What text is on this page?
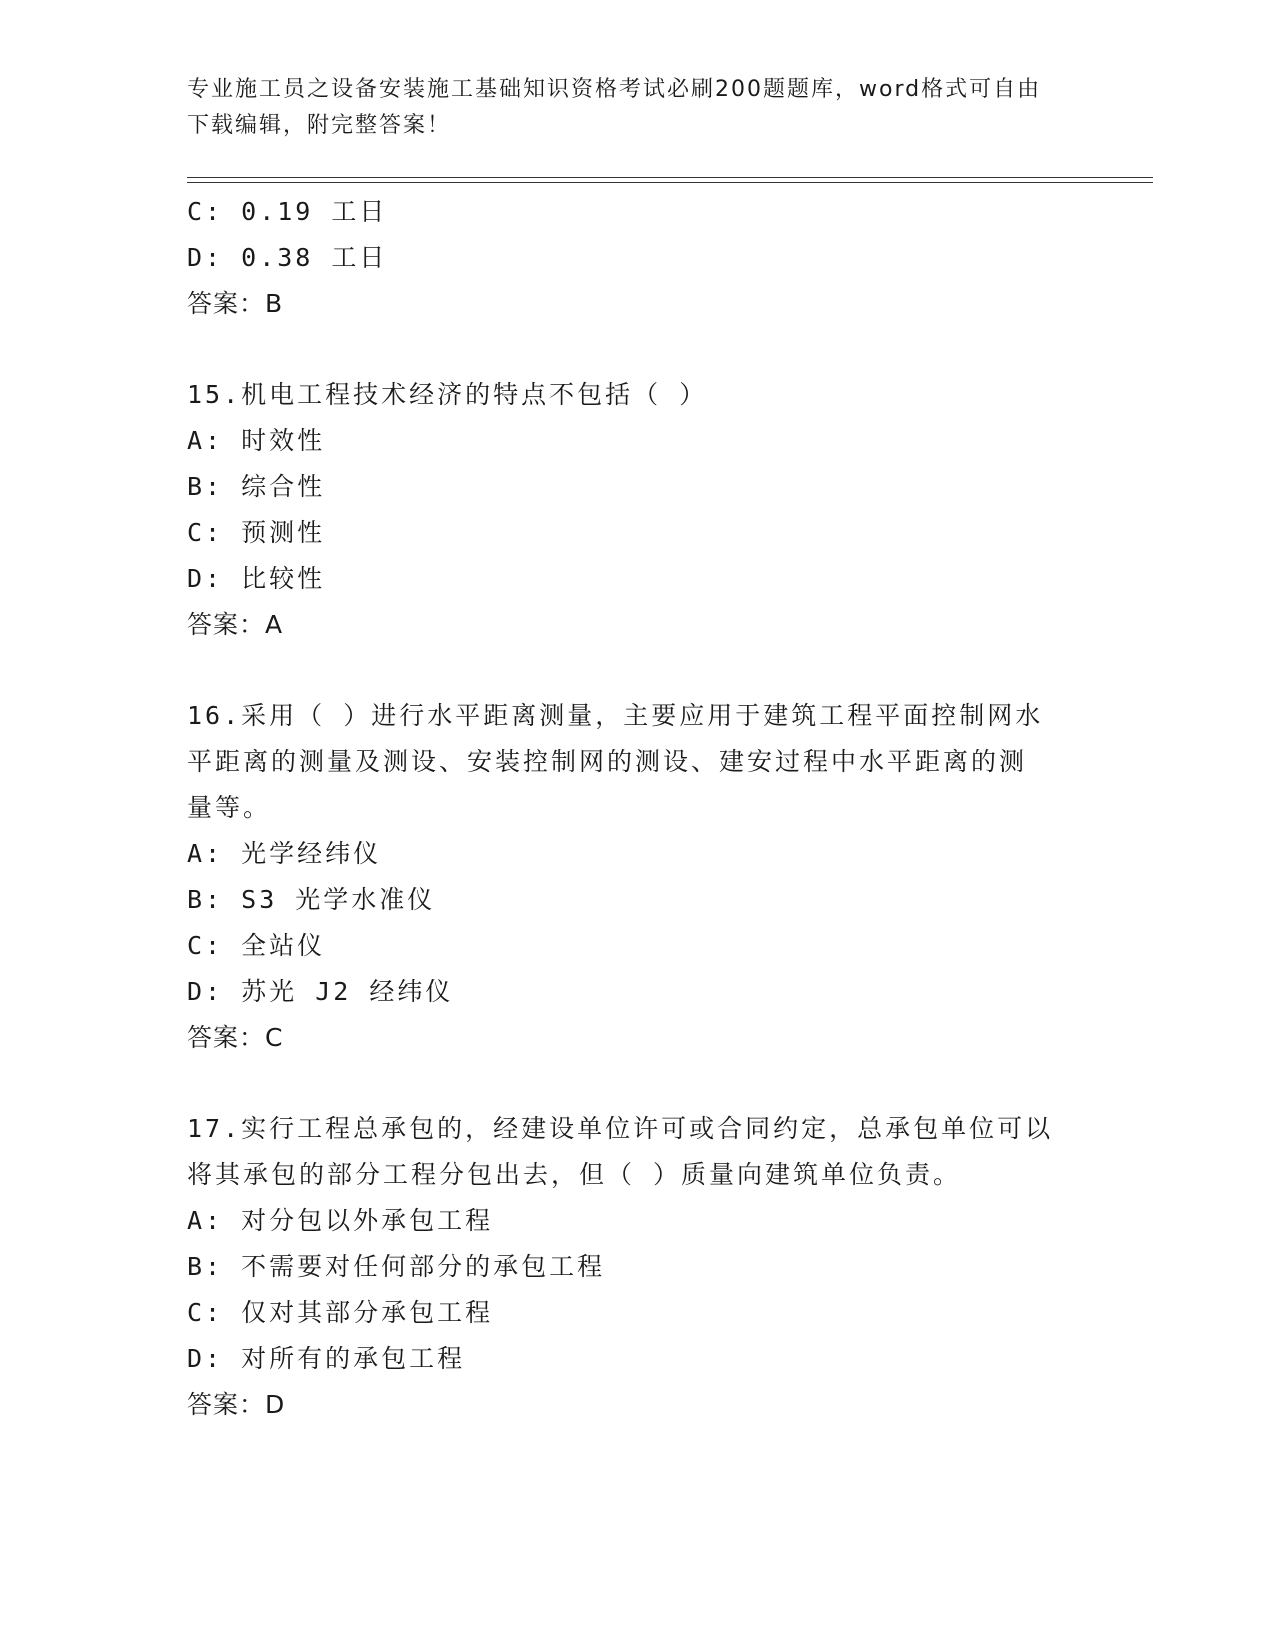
专业施工员之设备安装施工基础知识资格考试必刷200题题库，word格式可自由
下载编辑，附完整答案！
C: 0.19 工日
D: 0.38 工日
答案：B
15.机电工程技术经济的特点不包括（ ）
A: 时效性
B: 综合性
C: 预测性
D: 比较性
答案：A
16.采用（ ）进行水平距离测量，主要应用于建筑工程平面控制网水
平距离的测量及测设、安装控制网的测设、建安过程中水平距离的测
量等。
A: 光学经纬仪
B: S3 光学水准仪
C: 全站仪
D: 苏光 J2 经纬仪
答案：C
17.实行工程总承包的，经建设单位许可或合同约定，总承包单位可以
将其承包的部分工程分包出去，但（ ）质量向建筑单位负责。
A: 对分包以外承包工程
B: 不需要对任何部分的承包工程
C: 仅对其部分承包工程
D: 对所有的承包工程
答案：D
